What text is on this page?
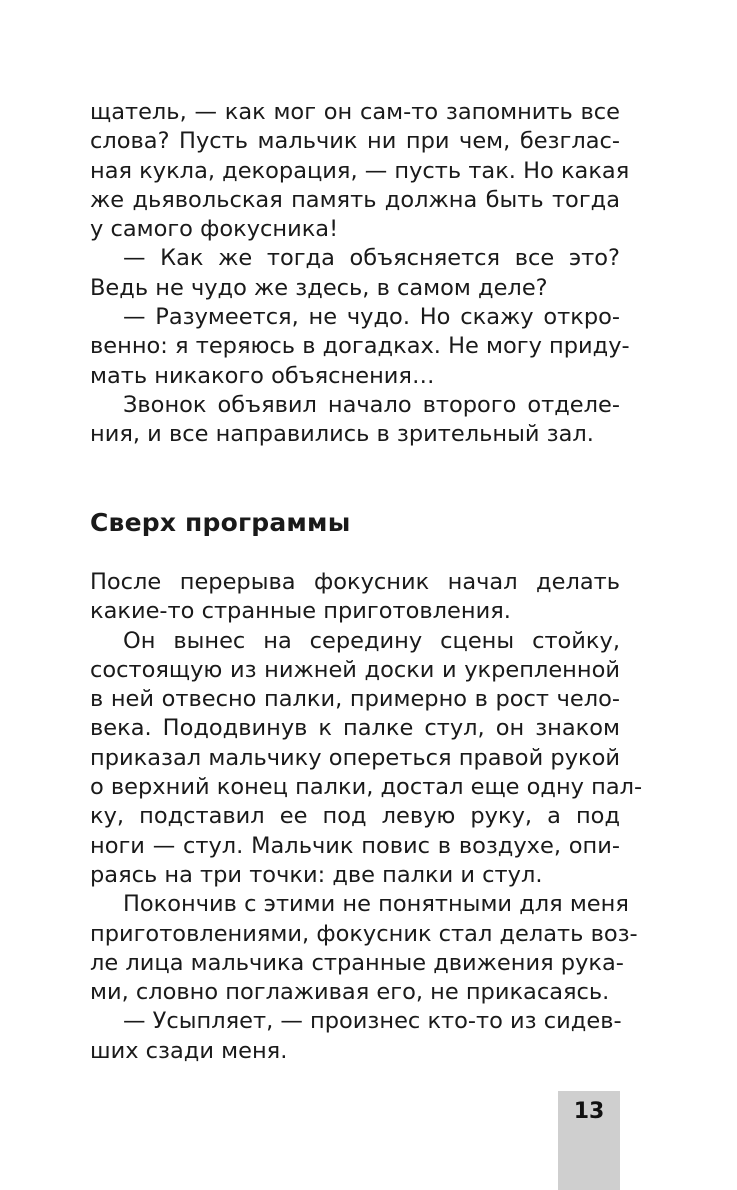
щатель, — как мог он сам-то запомнить все
слова? Пусть мальчик ни при чем, безглас-
ная кукла, декорация, — пусть так. Но какая
же дьявольская память должна быть тогда
у самого фокусника!
— Как же тогда объясняется все это?
Ведь не чудо же здесь, в самом деле?
— Разумеется, не чудо. Но скажу откро-
венно: я теряюсь в догадках. Не могу приду-
мать никакого объяснения…
Звонок объявил начало второго отделе-
ния, и все направились в зрительный зал.
Сверх программы
После перерыва фокусник начал делать
какие-то странные приготовления.
Он вынес на середину сцены стойку,
состоящую из нижней доски и укрепленной
в ней отвесно палки, примерно в рост чело-
века. Пододвинув к палке стул, он знаком
приказал мальчику опереться правой рукой
о верхний конец палки, достал еще одну пал-
ку, подставил ее под левую руку, а под
ноги — стул. Мальчик повис в воздухе, опи-
раясь на три точки: две палки и стул.
Покончив с этими не понятными для меня
приготовлениями, фокусник стал делать воз-
ле лица мальчика странные движения рука-
ми, словно поглаживая его, не прикасаясь.
— Усыпляет, — произнес кто-то из сидев-
ших сзади меня.
13
